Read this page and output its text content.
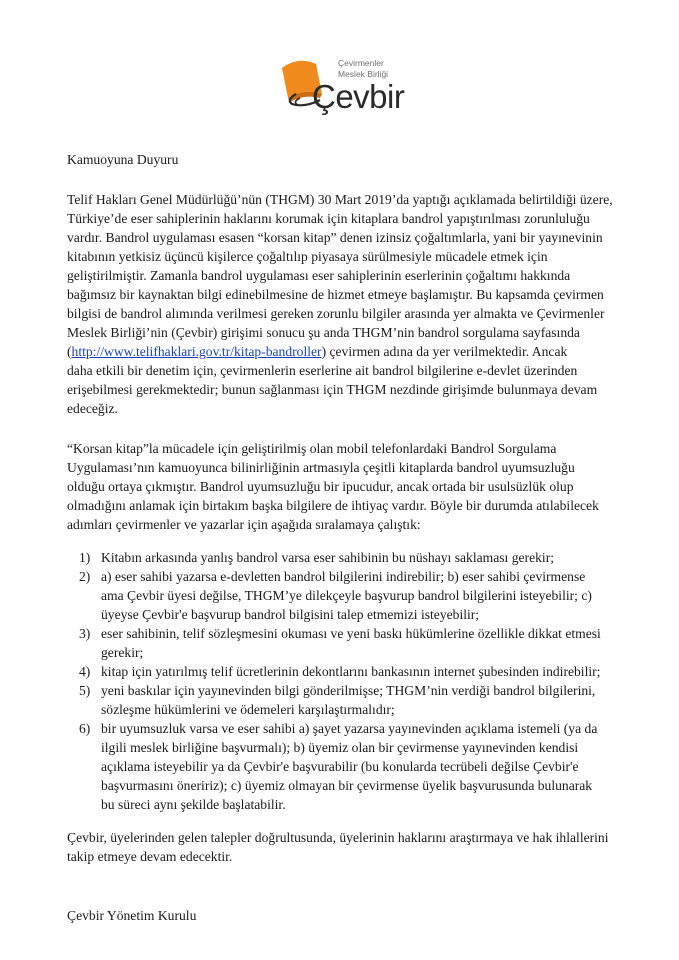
Çevirmenler
Meslek Birliği
Çevbir

Kamuoyuna Duyuru

Telif Hakları Genel Müdürlüğü’nün (THGM) 30 Mart 2019’da yaptığı açıklamada belirtildiği üzere,
Türkiye’de eser sahiplerinin haklarını korumak için kitaplara bandrol yapıştırılması zorunluluğu
vardır. Bandrol uygulaması esasen “korsan kitap” denen izinsiz çoğaltımlarla, yani bir yayınevinin
kitabının yetkisiz üçüncü kişilerce çoğaltılıp piyasaya sürülmesiyle mücadele etmek için
geliştirilmiştir. Zamanla bandrol uygulaması eser sahiplerinin eserlerinin çoğaltımı hakkında
bağımsız bir kaynaktan bilgi edinebilmesine de hizmet etmeye başlamıştır. Bu kapsamda çevirmen
bilgisi de bandrol alımında verilmesi gereken zorunlu bilgiler arasında yer almakta ve Çevirmenler
Meslek Birliği’nin (Çevbir) girişimi sonucu şu anda THGM’nin bandrol sorgulama sayfasında
(http://www.telifhaklari.gov.tr/kitap-bandroller) çevirmen adına da yer verilmektedir. Ancak
daha etkili bir denetim için, çevirmenlerin eserlerine ait bandrol bilgilerine e-devlet üzerinden
erişebilmesi gerekmektedir; bunun sağlanması için THGM nezdinde girişimde bulunmaya devam
edeceğiz.

“Korsan kitap”la mücadele için geliştirilmiş olan mobil telefonlardaki Bandrol Sorgulama
Uygulaması’nın kamuoyunca bilinirliğinin artmasıyla çeşitli kitaplarda bandrol uyumsuzluğu
olduğu ortaya çıkmıştır. Bandrol uyumsuzluğu bir ipucudur, ancak ortada bir usulsüzlük olup
olmadığını anlamak için birtakım başka bilgilere de ihtiyaç vardır. Böyle bir durumda atılabilecek
adımları çevirmenler ve yazarlar için aşağıda sıralamaya çalıştık:

1) Kitabın arkasında yanlış bandrol varsa eser sahibinin bu nüshayı saklaması gerekir;
2) a) eser sahibi yazarsa e-devletten bandrol bilgilerini indirebilir; b) eser sahibi çevirmense
ama Çevbir üyesi değilse, THGM’ye dilekçeyle başvurup bandrol bilgilerini isteyebilir; c)
üyeyse Çevbir'e başvurup bandrol bilgisini talep etmemizi isteyebilir;
3) eser sahibinin, telif sözleşmesini okuması ve yeni baskı hükümlerine özellikle dikkat etmesi
gerekir;
4) kitap için yatırılmış telif ücretlerinin dekontlarını bankasının internet şubesinden indirebilir;
5) yeni baskılar için yayınevinden bilgi gönderilmişse; THGM’nin verdiği bandrol bilgilerini,
sözleşme hükümlerini ve ödemeleri karşılaştırmalıdır;
6) bir uyumsuzluk varsa ve eser sahibi a) şayet yazarsa yayınevinden açıklama istemeli (ya da
ilgili meslek birliğine başvurmalı); b) üyemiz olan bir çevirmense yayınevinden kendisi
açıklama isteyebilir ya da Çevbir'e başvurabilir (bu konularda tecrübeli değilse Çevbir'e
başvurmasını öneririz); c) üyemiz olmayan bir çevirmense üyelik başvurusunda bulunarak
bu süreci aynı şekilde başlatabilir.

Çevbir, üyelerinden gelen talepler doğrultusunda, üyelerinin haklarını araştırmaya ve hak ihlallerini
takip etmeye devam edecektir.

Çevbir Yönetim Kurulu
